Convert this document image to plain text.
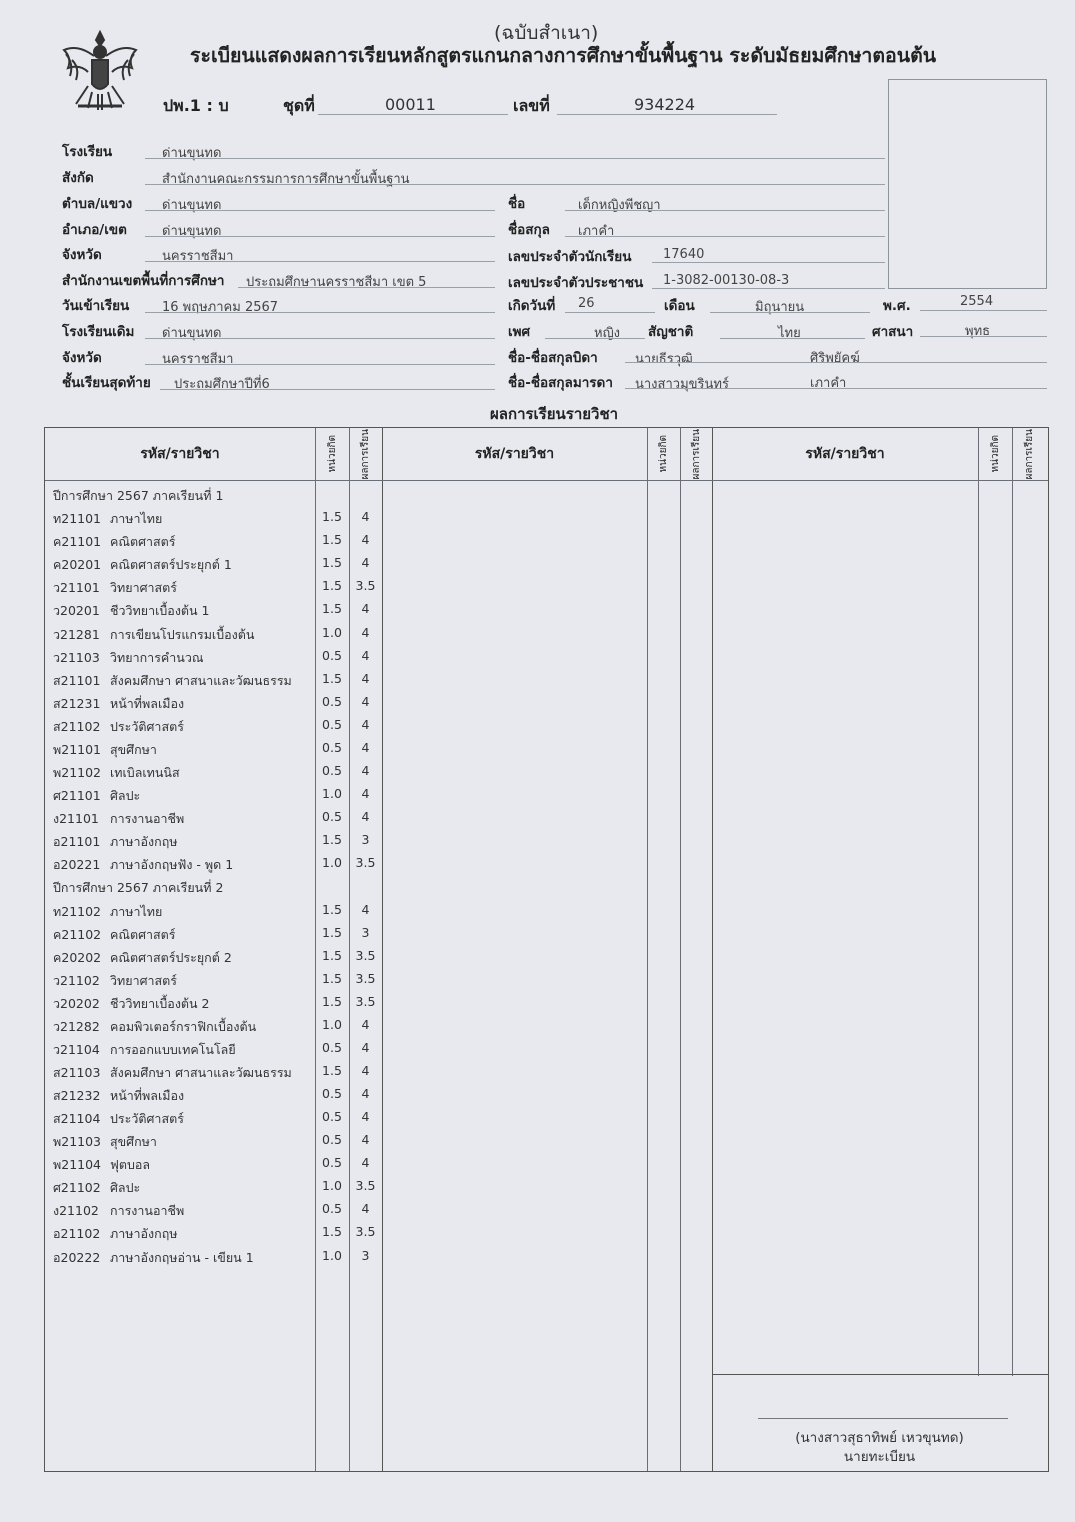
(ฉบับสำเนา)
ระเบียนแสดงผลการเรียนหลักสูตรแกนกลางการศึกษาขั้นพื้นฐาน ระดับมัธยมศึกษาตอนต้น
ปพ.1 : บ	ชุดที่	00011	เลขที่	934224
โรงเรียน	ด่านขุนทด
สังกัด	สำนักงานคณะกรรมการการศึกษาขั้นพื้นฐาน
ตำบล/แขวง ด่านขุนทด
อำเภอ/เขต	ด่านขุนทด
จังหวัด	นครราชสีมา
สำนักงานเขตพื้นที่การศึกษา ประถมศึกษานครราชสีมา เขต 5
วันเข้าเรียน	16 พฤษภาคม 2567
โรงเรียนเดิม ด่านขุนทด
จังหวัด	นครราชสีมา
ชั้นเรียนสุดท้าย ประถมศึกษาปีที่6
ชื่อ	เด็กหญิงพีชญา
ชื่อสกุล เภาคำ
เลขประจำตัวนักเรียน 17640
เลขประจำตัวประชาชน 1-3082-00130-08-3
เกิดวันที่ 26	เดือน	มิถุนายน	พ.ศ.	2554
เพศ	หญิง สัญชาติ	ไทย	ศาสนา	พุทธ
ชื่อ-ชื่อสกุลบิดา	นายธีรวุฒิ	ศิริพยัคฆ์
ชื่อ-ชื่อสกุลมารดา นางสาวมุขรินทร์	เภาคำ
ผลการเรียนรายวิชา
รหัส/รายวิชา	หน่วยกิต ผลการเรียน	รหัส/รายวิชา	หน่วยกิต ผลการเรียน	รหัส/รายวิชา	หน่วยกิต ผลการเรียน
ปีการศึกษา 2567 ภาคเรียนที่ 1
ท21101 ภาษาไทย	1.5	4
ค21101 คณิตศาสตร์	1.5	4
ค20201 คณิตศาสตร์ประยุกต์ 1	1.5	4
ว21101 วิทยาศาสตร์	1.5	3.5
ว20201 ชีววิทยาเบื้องต้น 1	1.5	4
ว21281 การเขียนโปรแกรมเบื้องต้น	1.0	4
ว21103 วิทยาการคำนวณ	0.5	4
ส21101 สังคมศึกษา ศาสนาและวัฒนธรรม	1.5	4
ส21231 หน้าที่พลเมือง	0.5	4
ส21102 ประวัติศาสตร์	0.5	4
พ21101 สุขศึกษา	0.5	4
พ21102 เทเบิลเทนนิส	0.5	4
ศ21101 ศิลปะ	1.0	4
ง21101 การงานอาชีพ	0.5	4
อ21101 ภาษาอังกฤษ	1.5	3
อ20221 ภาษาอังกฤษฟัง - พูด 1	1.0	3.5
ปีการศึกษา 2567 ภาคเรียนที่ 2
ท21102 ภาษาไทย	1.5	4
ค21102 คณิตศาสตร์	1.5	3
ค20202 คณิตศาสตร์ประยุกต์ 2	1.5	3.5
ว21102 วิทยาศาสตร์	1.5	3.5
ว20202 ชีววิทยาเบื้องต้น 2	1.5	3.5
ว21282 คอมพิวเตอร์กราฟิกเบื้องต้น	1.0	4
ว21104 การออกแบบเทคโนโลยี	0.5	4
ส21103 สังคมศึกษา ศาสนาและวัฒนธรรม	1.5	4
ส21232 หน้าที่พลเมือง	0.5	4
ส21104 ประวัติศาสตร์	0.5	4
พ21103 สุขศึกษา	0.5	4
พ21104 ฟุตบอล	0.5	4
ศ21102 ศิลปะ	1.0	3.5
ง21102 การงานอาชีพ	0.5	4
อ21102 ภาษาอังกฤษ	1.5	3.5
อ20222 ภาษาอังกฤษอ่าน - เขียน 1	1.0	3
(นางสาวสุธาทิพย์ เหวขุนทด)
นายทะเบียน
